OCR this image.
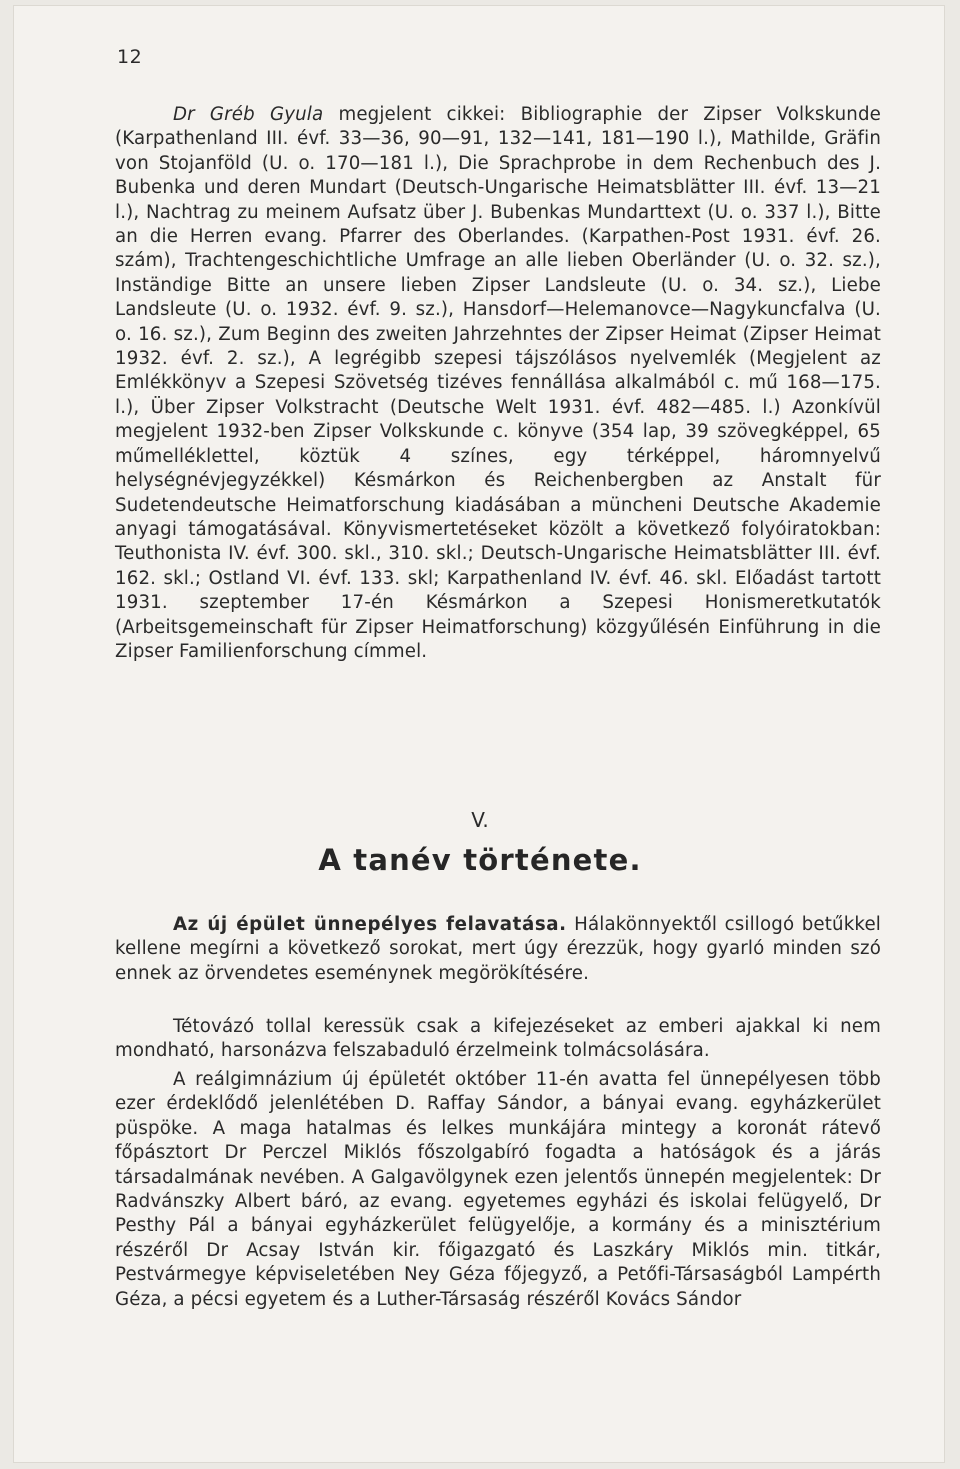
12

Dr Gréb Gyula megjelent cikkei: Bibliographie der Zipser Volkskunde (Karpathenland III. évf. 33—36, 90—91, 132—141, 181—190 l.), Mathilde, Gräfin von Stojanföld (U. o. 170—181 l.), Die Sprachprobe in dem Rechenbuch des J. Bubenka und deren Mundart (Deutsch-Ungarische Heimatsblätter III. évf. 13—21 l.), Nachtrag zu meinem Aufsatz über J. Bubenkas Mundarttext (U. o. 337 l.), Bitte an die Herren evang. Pfarrer des Oberlandes. (Karpathen-Post 1931. évf. 26. szám), Trachtengeschichtliche Umfrage an alle lieben Oberländer (U. o. 32. sz.), Inständige Bitte an unsere lieben Zipser Landsleute (U. o. 34. sz.), Liebe Landsleute (U. o. 1932. évf. 9. sz.), Hansdorf—Helemanovce—Nagykuncfalva (U. o. 16. sz.), Zum Beginn des zweiten Jahrzehntes der Zipser Heimat (Zipser Heimat 1932. évf. 2. sz.), A legrégibb szepesi tájszólásos nyelvemlék (Megjelent az Emlékkönyv a Szepesi Szövetség tizéves fennállása alkalmából c. mű 168—175. l.), Über Zipser Volkstracht (Deutsche Welt 1931. évf. 482—485. l.) Azonkívül megjelent 1932-ben Zipser Volkskunde c. könyve (354 lap, 39 szövegképpel, 65 műmelléklettel, köztük 4 színes, egy térképpel, háromnyelvű helységnévjegyzékkel) Késmárkon és Reichenbergben az Anstalt für Sudetendeutsche Heimatforschung kiadásában a müncheni Deutsche Akademie anyagi támogatásával. Könyvismertetéseket közölt a következő folyóiratokban: Teuthonista IV. évf. 300. skl., 310. skl.; Deutsch-Ungarische Heimatsblätter III. évf. 162. skl.; Ostland VI. évf. 133. skl; Karpathenland IV. évf. 46. skl. Előadást tartott 1931. szeptember 17-én Késmárkon a Szepesi Honismeretkutatók (Arbeitsgemeinschaft für Zipser Heimatforschung) közgyűlésén Einführung in die Zipser Familienforschung címmel.

V.
A tanév története.

Az új épület ünnepélyes felavatása. Hálakönnyektől csillogó betűkkel kellene megírni a következő sorokat, mert úgy érezzük, hogy gyarló minden szó ennek az örvendetes eseménynek megörökítésére.

Tétovázó tollal keressük csak a kifejezéseket az emberi ajakkal ki nem mondható, harsonázva felszabaduló érzelmeink tolmácsolására.

A reálgimnázium új épületét október 11-én avatta fel ünnepélyesen több ezer érdeklődő jelenlétében D. Raffay Sándor, a bányai evang. egyházkerület püspöke. A maga hatalmas és lelkes munkájára mintegy a koronát rátevő főpásztort Dr Perczel Miklós főszolgabíró fogadta a hatóságok és a járás társadalmának nevében. A Galgavölgynek ezen jelentős ünnepén megjelentek: Dr Radvánszky Albert báró, az evang. egyetemes egyházi és iskolai felügyelő, Dr Pesthy Pál a bányai egyházkerület felügyelője, a kormány és a minisztérium részéről Dr Acsay István kir. főigazgató és Laszkáry Miklós min. titkár, Pestvármegye képviseletében Ney Géza főjegyző, a Petőfi-Társaságból Lampérth Géza, a pécsi egyetem és a Luther-Társaság részéről Kovács Sándor
